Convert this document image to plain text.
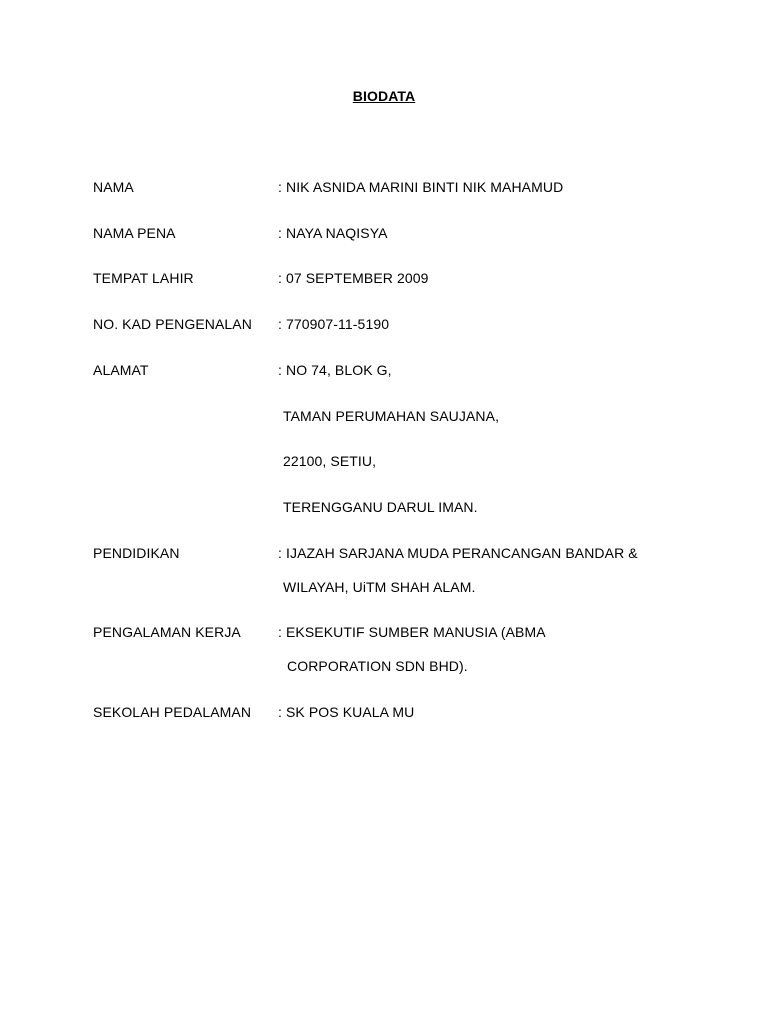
BIODATA
NAMA	: NIK ASNIDA MARINI BINTI NIK MAHAMUD
NAMA PENA	: NAYA NAQISYA
TEMPAT LAHIR	: 07 SEPTEMBER 2009
NO. KAD PENGENALAN : 770907-11-5190
ALAMAT	: NO 74, BLOK G,
TAMAN PERUMAHAN SAUJANA,
22100, SETIU,
TERENGGANU DARUL IMAN.
PENDIDIKAN	: IJAZAH SARJANA MUDA PERANCANGAN BANDAR &
WILAYAH, UiTM SHAH ALAM.
PENGALAMAN KERJA	: EKSEKUTIF SUMBER MANUSIA (ABMA
CORPORATION SDN BHD).
SEKOLAH PEDALAMAN : SK POS KUALA MU
